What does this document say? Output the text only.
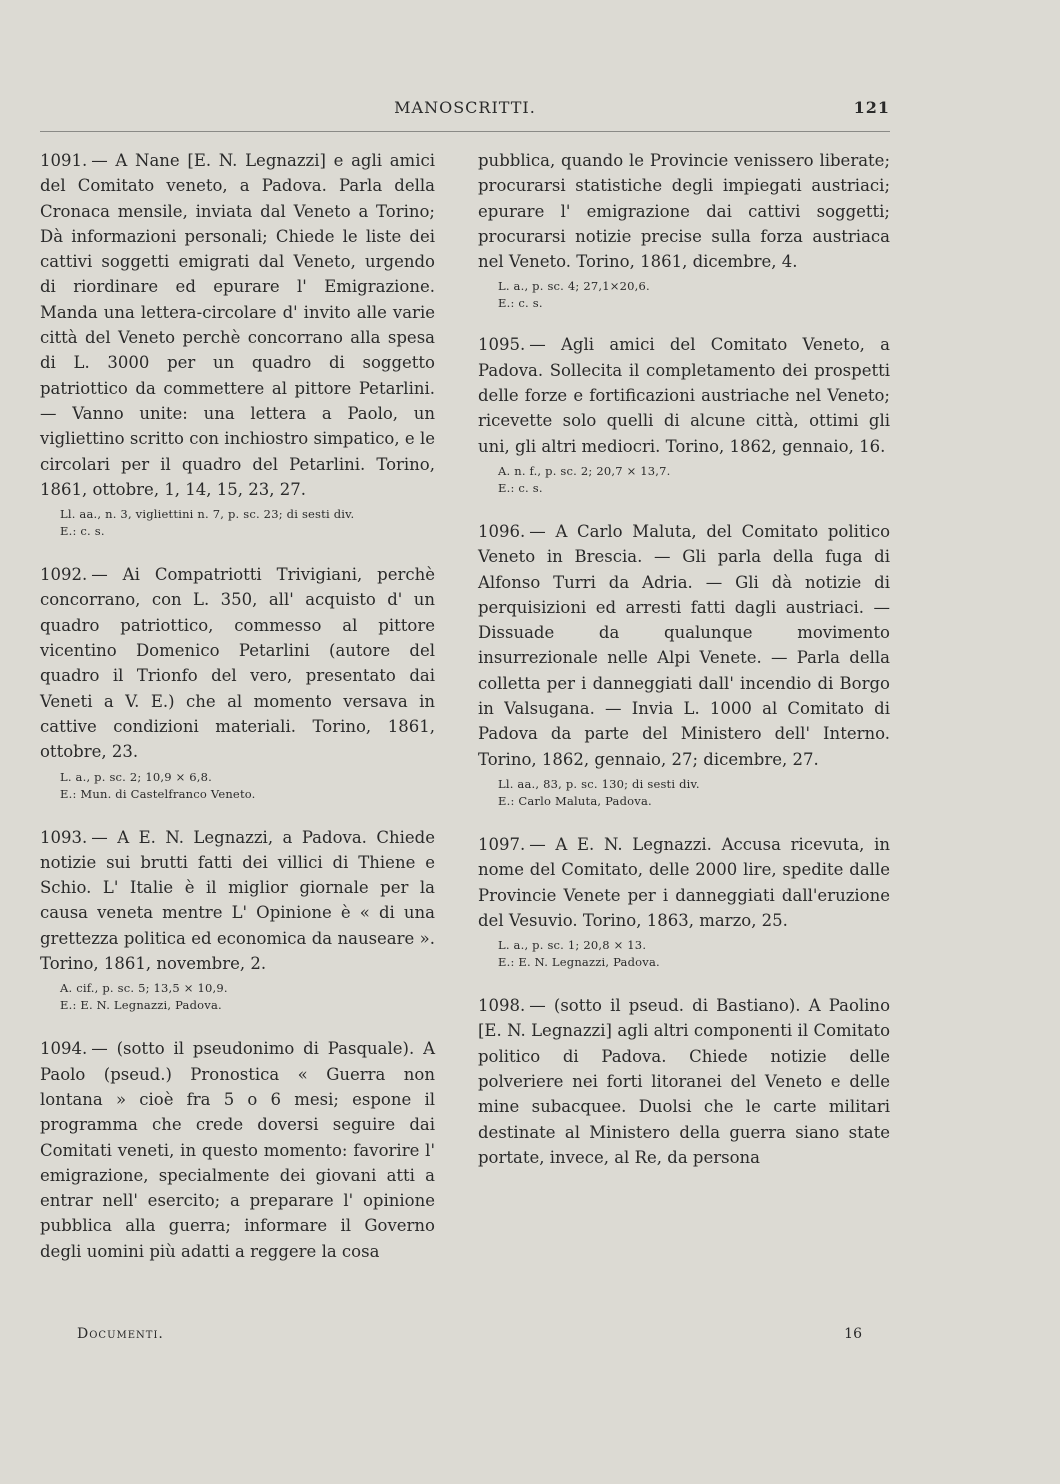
MANOSCRITTI.	121

1091. — A Nane [E. N. Legnazzi] e agli amici del Comitato veneto, a Padova. Parla della Cronaca mensile, inviata dal Veneto a Torino; Dà informazioni personali; Chiede le liste dei cattivi soggetti emigrati dal Veneto, urgendo di riordinare ed epurare l' Emigrazione. Manda una lettera-circolare d' invito alle varie città del Veneto perchè concorrano alla spesa di L. 3000 per un quadro di soggetto patriottico da commettere al pittore Petarlini. — Vanno unite: una lettera a Paolo, un vigliettino scritto con inchiostro simpatico, e le circolari per il quadro del Petarlini. Torino, 1861, ottobre, 1, 14, 15, 23, 27.

Ll. aa., n. 3, vigliettini n. 7, p. sc. 23; di sesti div.
E.: c. s.

1092. — Ai Compatriotti Trivigiani, perchè concorrano, con L. 350, all' acquisto d' un quadro patriottico, commesso al pittore vicentino Domenico Petarlini (autore del quadro il Trionfo del vero, presentato dai Veneti a V. E.) che al momento versava in cattive condizioni materiali. Torino, 1861, ottobre, 23.

L. a., p. sc. 2; 10,9 ⨯ 6,8.
E.: Mun. di Castelfranco Veneto.

1093. — A E. N. Legnazzi, a Padova. Chiede notizie sui brutti fatti dei villici di Thiene e Schio. L' Italie è il miglior giornale per la causa veneta mentre L' Opinione è « di una grettezza politica ed economica da nauseare ». Torino, 1861, novembre, 2.

A. cif., p. sc. 5; 13,5 ⨯ 10,9.
E.: E. N. Legnazzi, Padova.

1094. — (sotto il pseudonimo di Pasquale). A Paolo (pseud.) Pronostica « Guerra non lontana » cioè fra 5 o 6 mesi; espone il programma che crede doversi seguire dai Comitati veneti, in questo momento: favorire l' emigrazione, specialmente dei giovani atti a entrar nell' esercito; a preparare l' opinione pubblica alla guerra; informare il Governo degli uomini più adatti a reggere la cosa

pubblica, quando le Provincie venissero liberate; procurarsi statistiche degli impiegati austriaci; epurare l' emigrazione dai cattivi soggetti; procurarsi notizie precise sulla forza austriaca nel Veneto. Torino, 1861, dicembre, 4.

L. a., p. sc. 4; 27,1⨯20,6.
E.: c. s.

1095. — Agli amici del Comitato Veneto, a Padova. Sollecita il completamento dei prospetti delle forze e fortificazioni austriache nel Veneto; ricevette solo quelli di alcune città, ottimi gli uni, gli altri mediocri. Torino, 1862, gennaio, 16.

A. n. f., p. sc. 2; 20,7 ⨯ 13,7.
E.: c. s.

1096. — A Carlo Maluta, del Comitato politico Veneto in Brescia. — Gli parla della fuga di Alfonso Turri da Adria. — Gli dà notizie di perquisizioni ed arresti fatti dagli austriaci. — Dissuade da qualunque movimento insurrezionale nelle Alpi Venete. — Parla della colletta per i danneggiati dall' incendio di Borgo in Valsugana. — Invia L. 1000 al Comitato di Padova da parte del Ministero dell' Interno. Torino, 1862, gennaio, 27; dicembre, 27.

Ll. aa., 83, p. sc. 130; di sesti div.
E.: Carlo Maluta, Padova.

1097. — A E. N. Legnazzi. Accusa ricevuta, in nome del Comitato, delle 2000 lire, spedite dalle Provincie Venete per i danneggiati dall'eruzione del Vesuvio. Torino, 1863, marzo, 25.

L. a., p. sc. 1; 20,8 ⨯ 13.
E.: E. N. Legnazzi, Padova.

1098. — (sotto il pseud. di Bastiano). A Paolino [E. N. Legnazzi] agli altri componenti il Comitato politico di Padova. Chiede notizie delle polveriere nei forti litoranei del Veneto e delle mine subacquee. Duolsi che le carte militari destinate al Ministero della guerra siano state portate, invece, al Re, da persona

Documenti.	16
